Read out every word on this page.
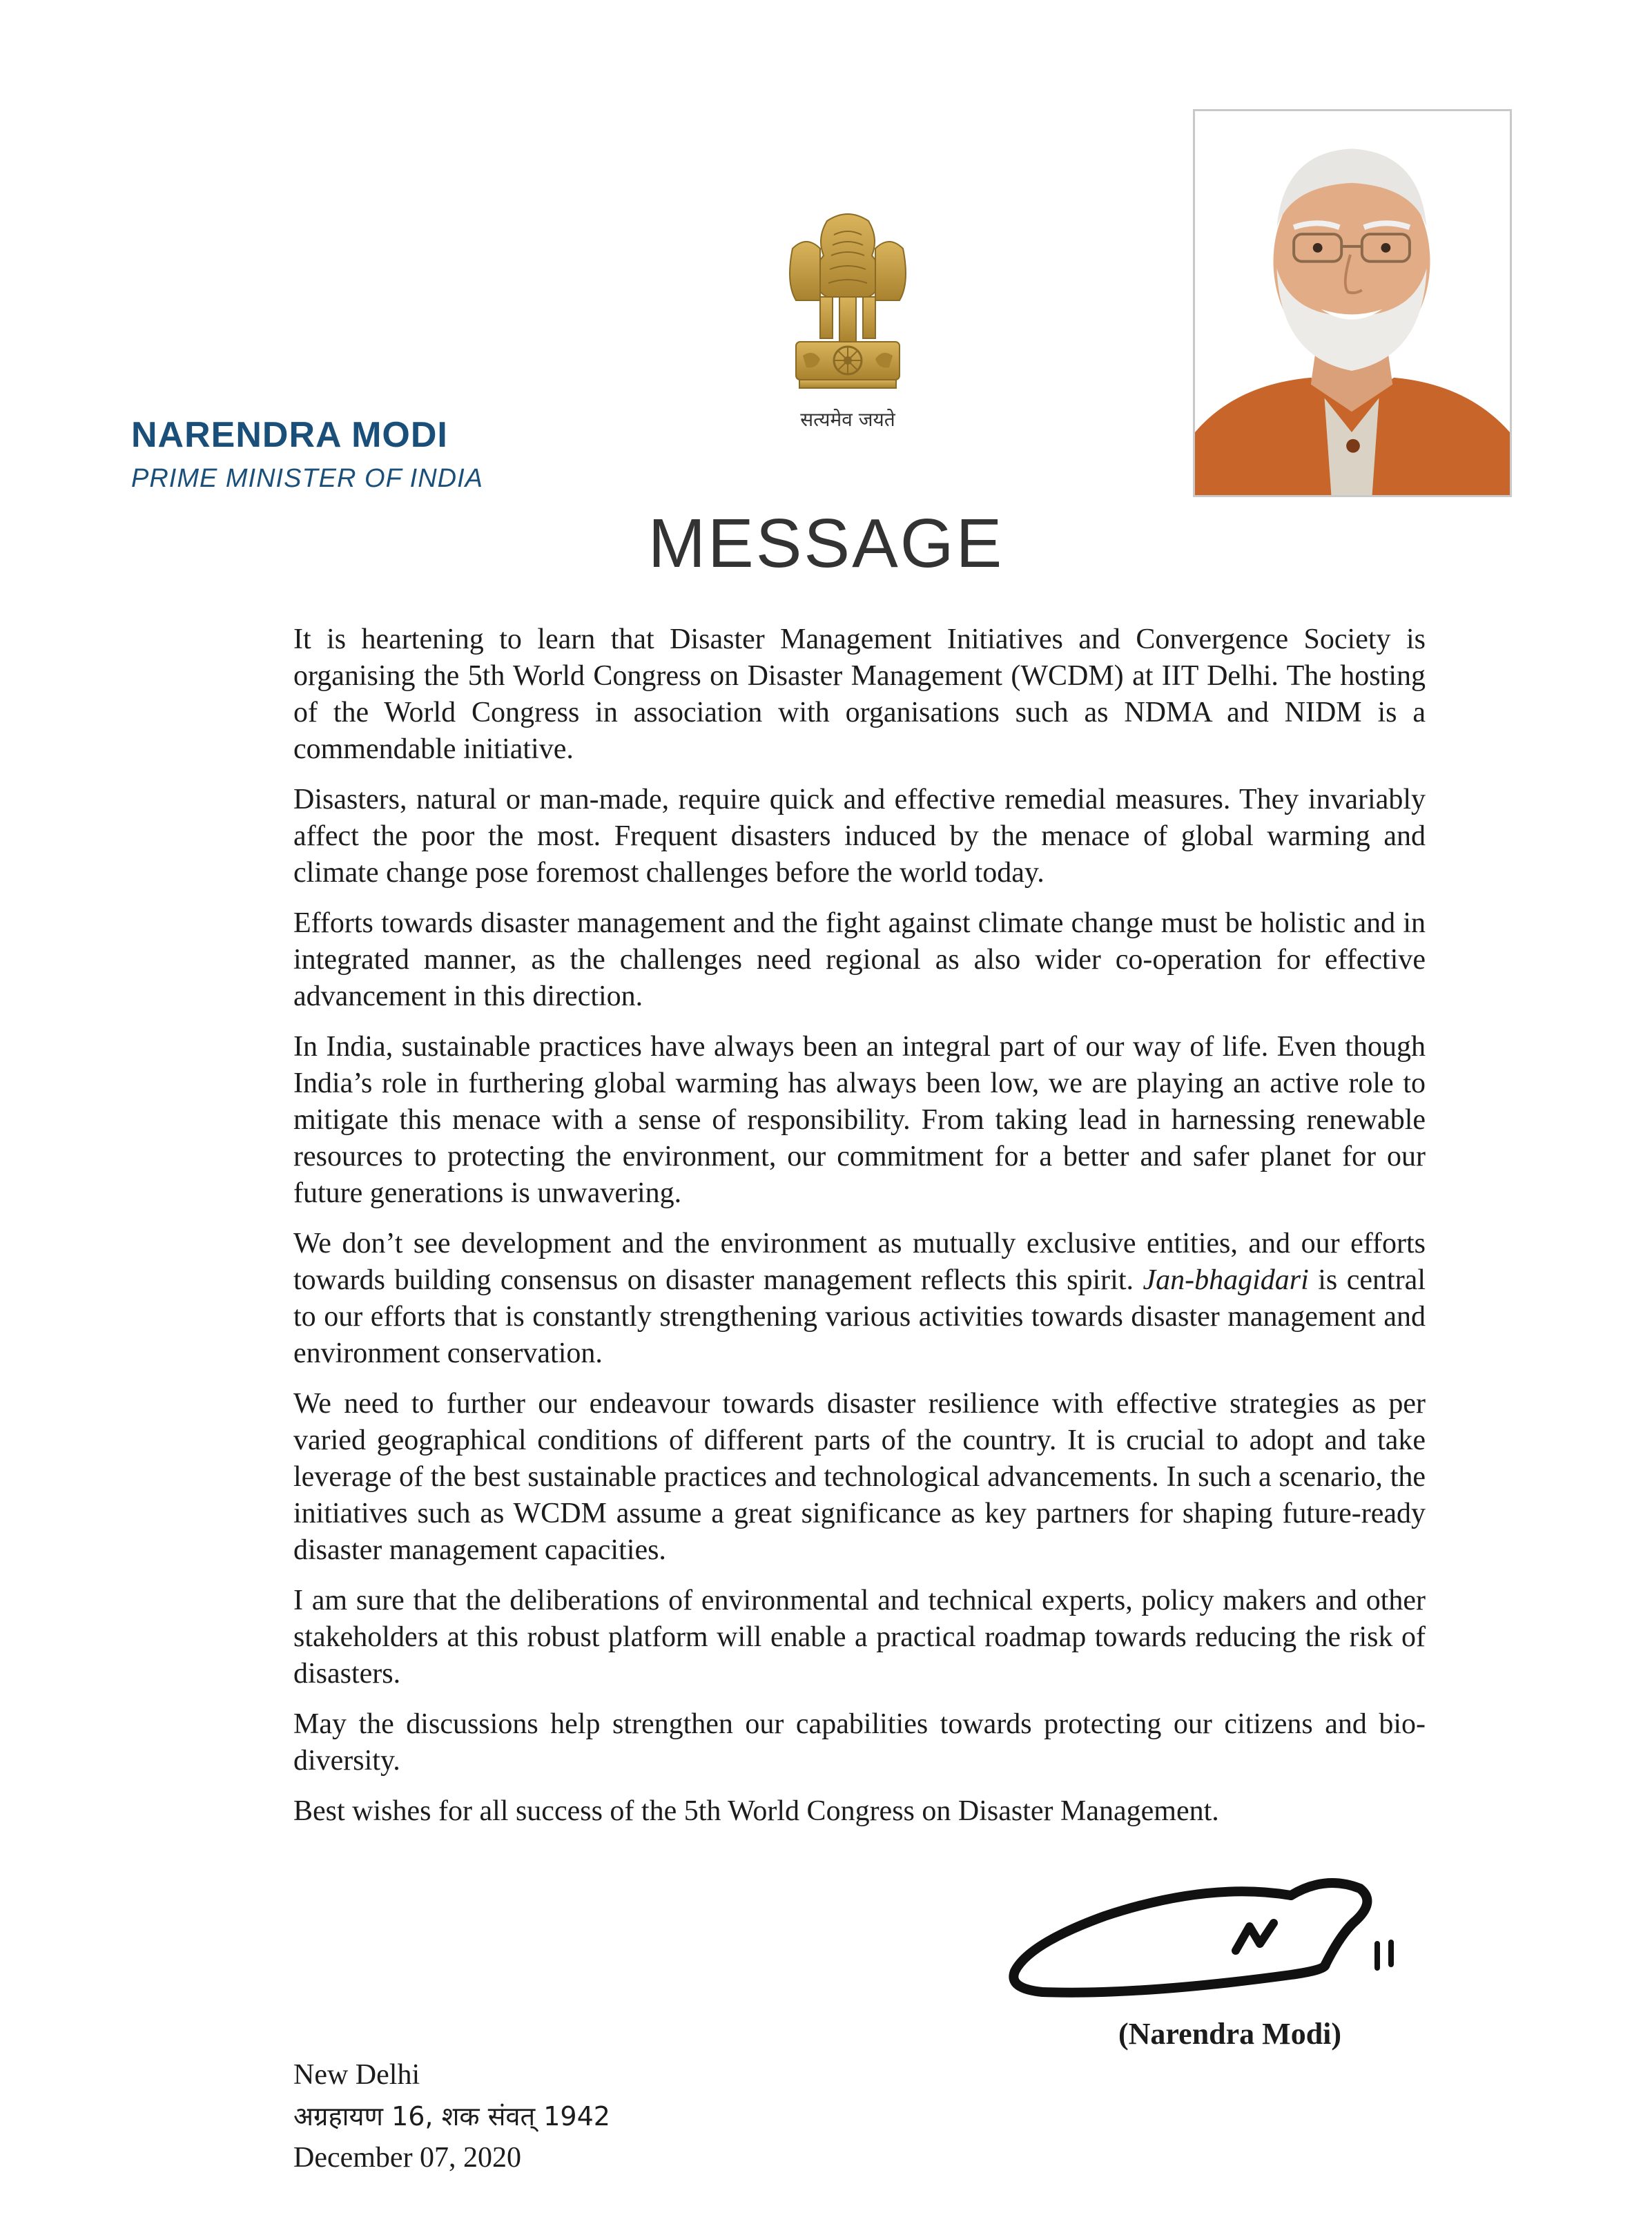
सत्यमेव जयते
NARENDRA MODI
PRIME MINISTER OF INDIA
MESSAGE

It is heartening to learn that Disaster Management Initiatives and Convergence Society is organising the 5th World Congress on Disaster Management (WCDM) at IIT Delhi. The hosting of the World Congress in association with organisations such as NDMA and NIDM is a commendable initiative.

Disasters, natural or man-made, require quick and effective remedial measures. They invariably affect the poor the most. Frequent disasters induced by the menace of global warming and climate change pose foremost challenges before the world today.

Efforts towards disaster management and the fight against climate change must be holistic and in integrated manner, as the challenges need regional as also wider co-operation for effective advancement in this direction.

In India, sustainable practices have always been an integral part of our way of life. Even though India’s role in furthering global warming has always been low, we are playing an active role to mitigate this menace with a sense of responsibility. From taking lead in harnessing renewable resources to protecting the environment, our commitment for a better and safer planet for our future generations is unwavering.

We don’t see development and the environment as mutually exclusive entities, and our efforts towards building consensus on disaster management reflects this spirit. Jan-bhagidari is central to our efforts that is constantly strengthening various activities towards disaster management and environment conservation.

We need to further our endeavour towards disaster resilience with effective strategies as per varied geographical conditions of different parts of the country. It is crucial to adopt and take leverage of the best sustainable practices and technological advancements. In such a scenario, the initiatives such as WCDM assume a great significance as key partners for shaping future-ready disaster management capacities.

I am sure that the deliberations of environmental and technical experts, policy makers and other stakeholders at this robust platform will enable a practical roadmap towards reducing the risk of disasters.

May the discussions help strengthen our capabilities towards protecting our citizens and bio-diversity.

Best wishes for all success of the 5th World Congress on Disaster Management.

(Narendra Modi)
New Delhi
अग्रहायण 16, शक संवत् 1942
December 07, 2020
